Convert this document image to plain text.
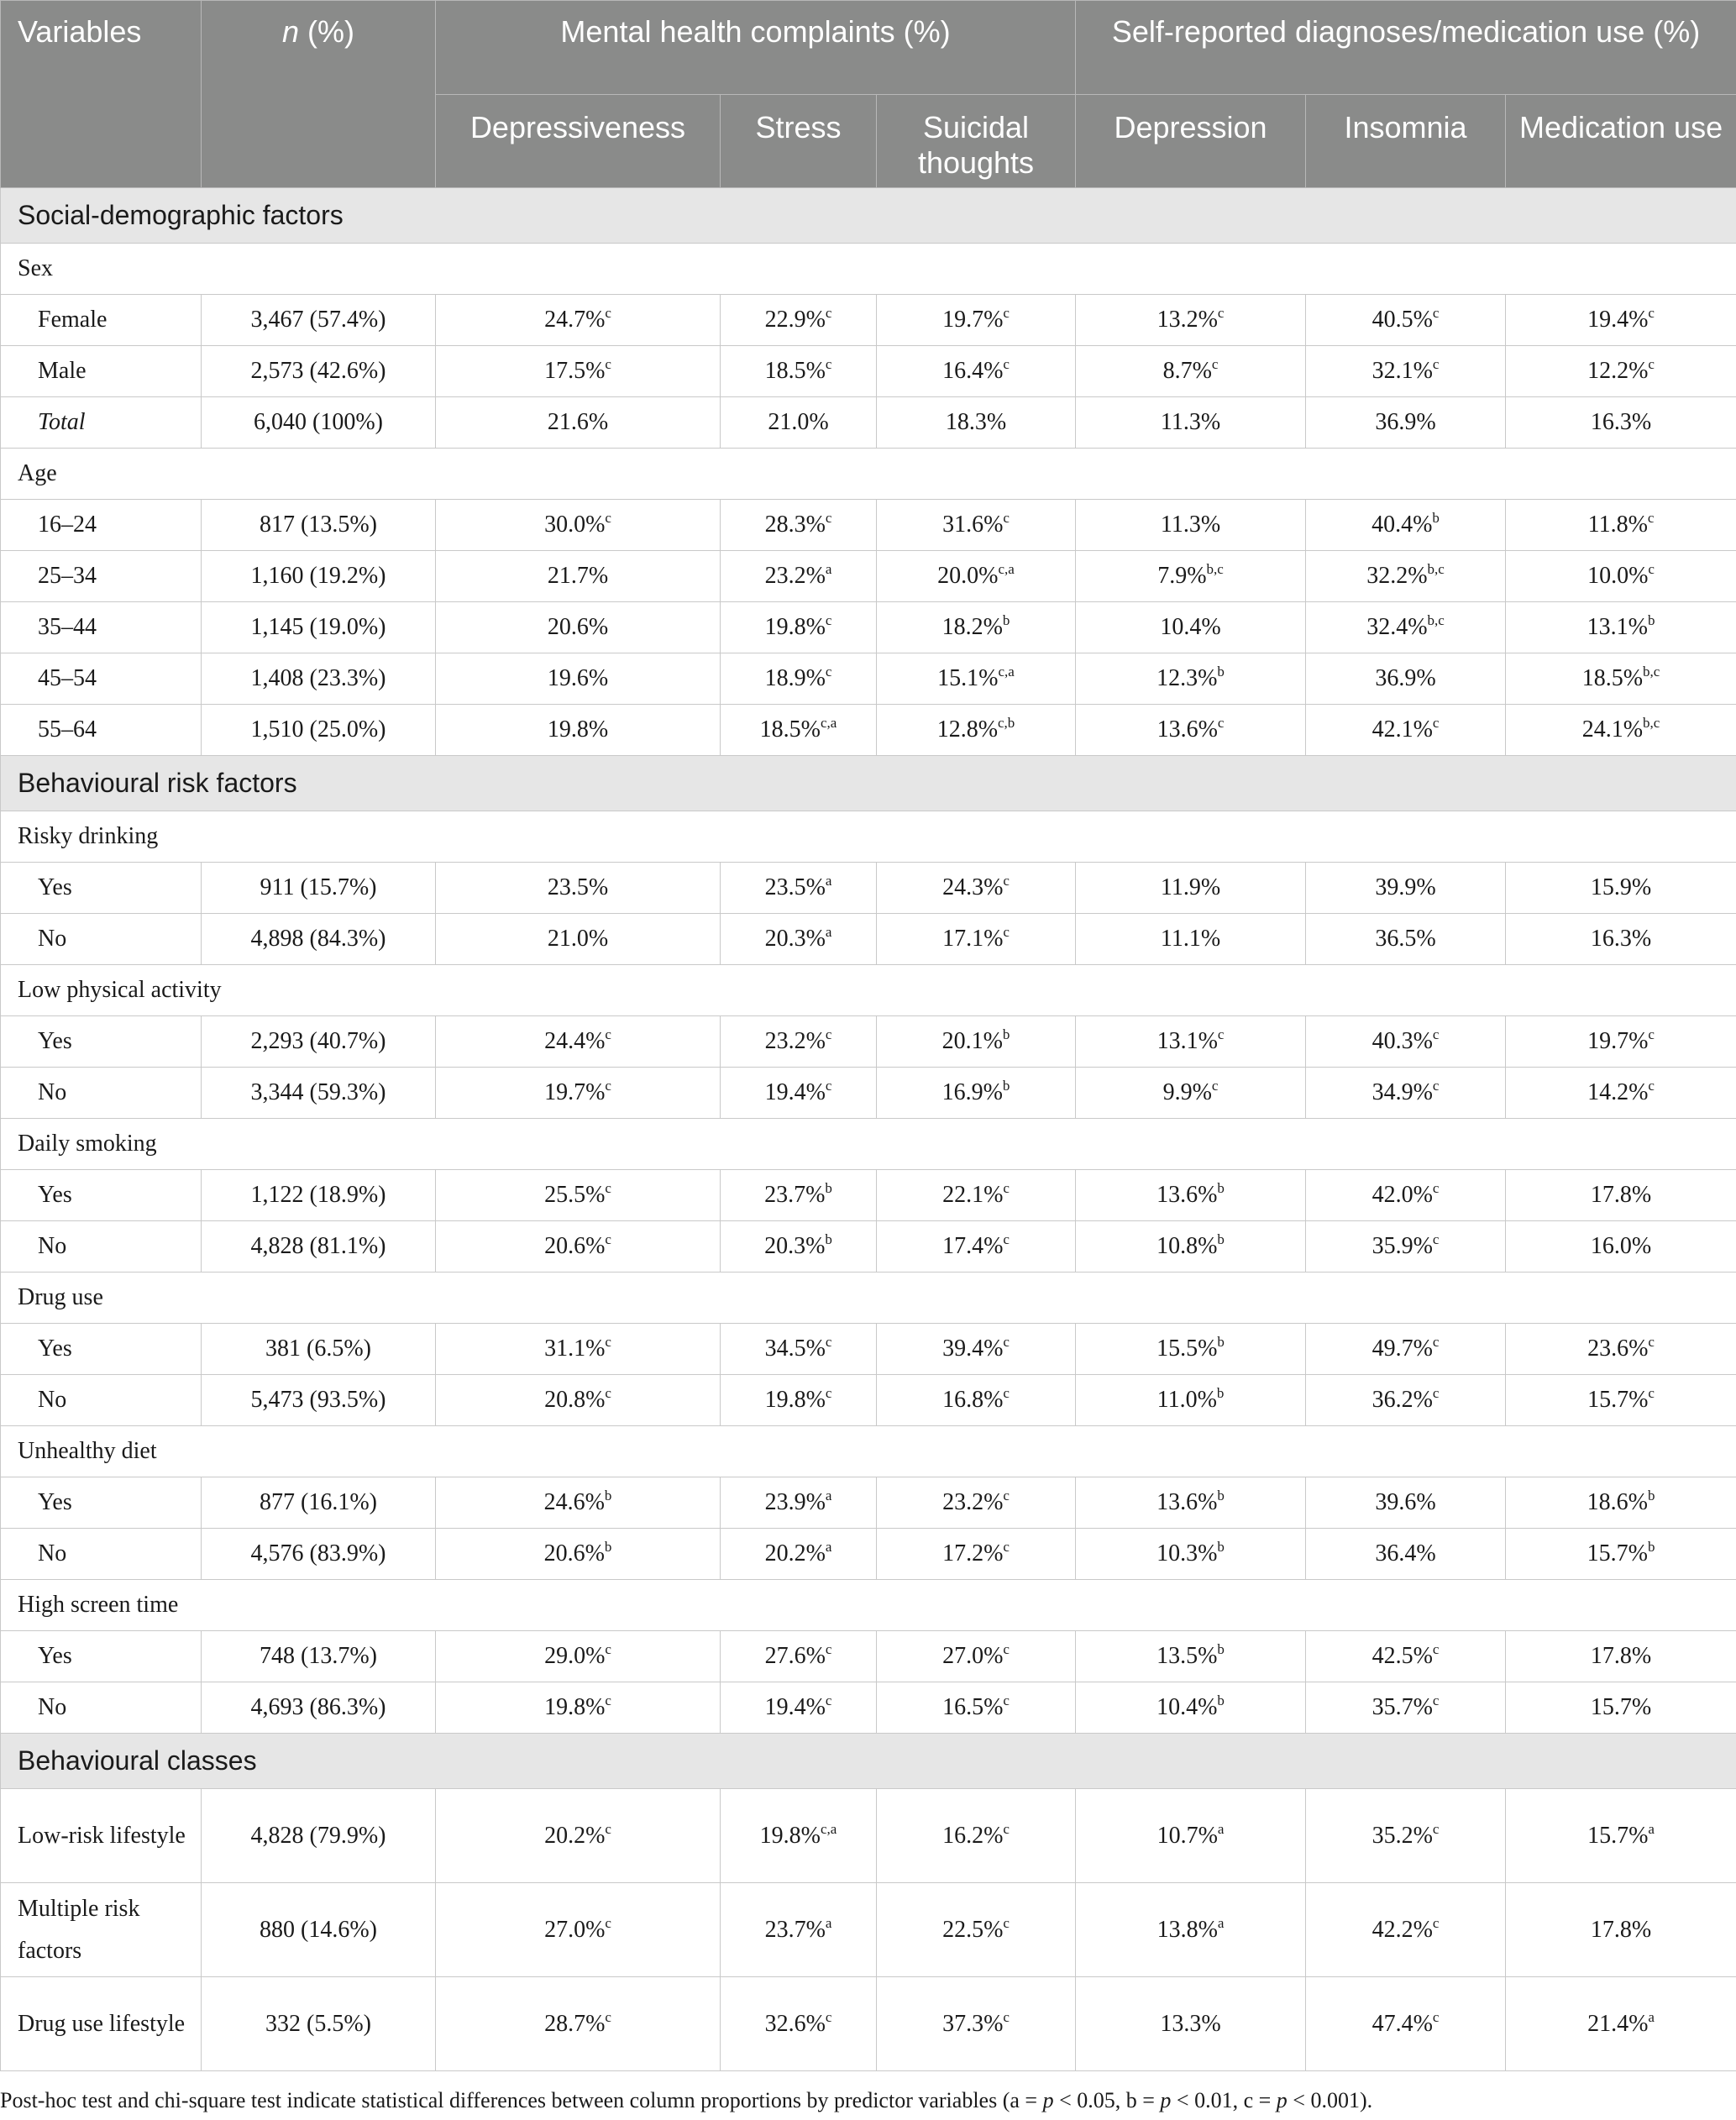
Variables	n (%)	Mental health complaints (%)			Self-reported diagnoses/medication use (%)		
		Depressiveness	Stress	Suicidal thoughts	Depression	Insomnia	Medication use
Social-demographic factors							
Sex							
Female	3,467 (57.4%)	24.7%$^c$	22.9%$^c$	19.7%$^c$	13.2%$^c$	40.5%$^c$	19.4%$^c$
Male	2,573 (42.6%)	17.5%$^c$	18.5%$^c$	16.4%$^c$	8.7%$^c$	32.1%$^c$	12.2%$^c$
Total	6,040 (100%)	21.6%	21.0%	18.3%	11.3%	36.9%	16.3%
Age							
16–24	817 (13.5%)	30.0%$^c$	28.3%$^c$	31.6%$^c$	11.3%	40.4%$^b$	11.8%$^c$
25–34	1,160 (19.2%)	21.7%	23.2%$^a$	20.0%$^{c,a}$	7.9%$^{b,c}$	32.2%$^{b,c}$	10.0%$^c$
35–44	1,145 (19.0%)	20.6%	19.8%$^c$	18.2%$^b$	10.4%	32.4%$^{b,c}$	13.1%$^b$
45–54	1,408 (23.3%)	19.6%	18.9%$^c$	15.1%$^{c,a}$	12.3%$^b$	36.9%	18.5%$^{b,c}$
55–64	1,510 (25.0%)	19.8%	18.5%$^{c,a}$	12.8%$^{c,b}$	13.6%$^c$	42.1%$^c$	24.1%$^{b,c}$
Behavioural risk factors							
Risky drinking							
Yes	911 (15.7%)	23.5%	23.5%$^a$	24.3%$^c$	11.9%	39.9%	15.9%
No	4,898 (84.3%)	21.0%	20.3%$^a$	17.1%$^c$	11.1%	36.5%	16.3%
Low physical activity							
Yes	2,293 (40.7%)	24.4%$^c$	23.2%$^c$	20.1%$^b$	13.1%$^c$	40.3%$^c$	19.7%$^c$
No	3,344 (59.3%)	19.7%$^c$	19.4%$^c$	16.9%$^b$	9.9%$^c$	34.9%$^c$	14.2%$^c$
Daily smoking							
Yes	1,122 (18.9%)	25.5%$^c$	23.7%$^b$	22.1%$^c$	13.6%$^b$	42.0%$^c$	17.8%
No	4,828 (81.1%)	20.6%$^c$	20.3%$^b$	17.4%$^c$	10.8%$^b$	35.9%$^c$	16.0%
Drug use							
Yes	381 (6.5%)	31.1%$^c$	34.5%$^c$	39.4%$^c$	15.5%$^b$	49.7%$^c$	23.6%$^c$
No	5,473 (93.5%)	20.8%$^c$	19.8%$^c$	16.8%$^c$	11.0%$^b$	36.2%$^c$	15.7%$^c$
Unhealthy diet							
Yes	877 (16.1%)	24.6%$^b$	23.9%$^a$	23.2%$^c$	13.6%$^b$	39.6%	18.6%$^b$
No	4,576 (83.9%)	20.6%$^b$	20.2%$^a$	17.2%$^c$	10.3%$^b$	36.4%	15.7%$^b$
High screen time							
Yes	748 (13.7%)	29.0%$^c$	27.6%$^c$	27.0%$^c$	13.5%$^b$	42.5%$^c$	17.8%
No	4,693 (86.3%)	19.8%$^c$	19.4%$^c$	16.5%$^c$	10.4%$^b$	35.7%$^c$	15.7%
Behavioural classes							
Low-risk lifestyle	4,828 (79.9%)	20.2%$^c$	19.8%$^{c,a}$	16.2%$^c$	10.7%$^a$	35.2%$^c$	15.7%$^a$
Multiple risk factors	880 (14.6%)	27.0%$^c$	23.7%$^a$	22.5%$^c$	13.8%$^a$	42.2%$^c$	17.8%
Drug use lifestyle	332 (5.5%)	28.7%$^c$	32.6%$^c$	37.3%$^c$	13.3%	47.4%$^c$	21.4%$^a$
Post-hoc test and chi-square test indicate statistical differences between column proportions by predictor variables (a = p < 0.05, b = p < 0.01, c = p < 0.001).
